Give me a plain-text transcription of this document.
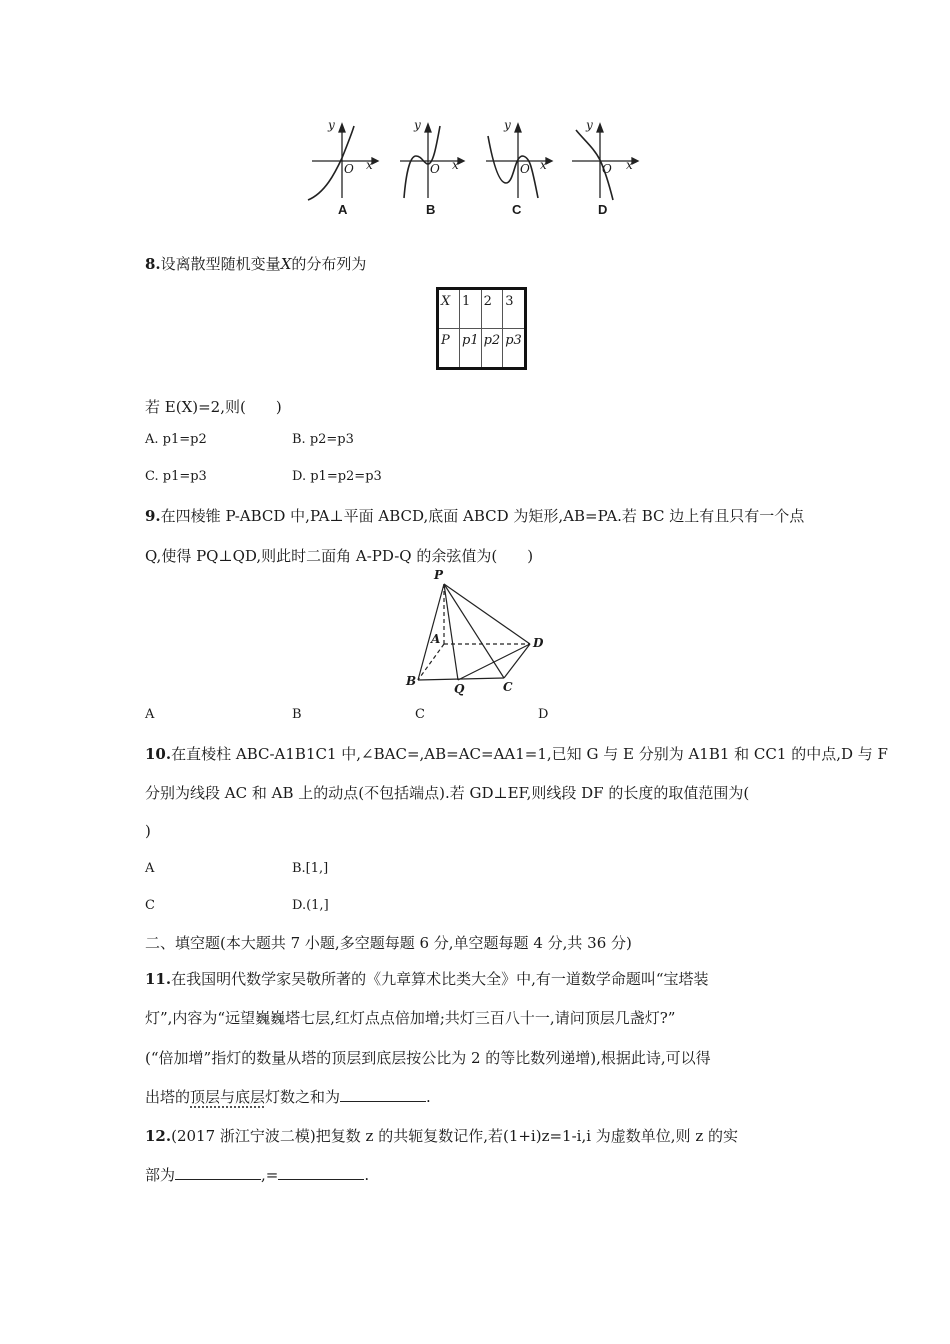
y
x
O
y
x
O
y
x
O
y
x
O
A	B	C	D
8.设离散型随机变量X的分布列为
X	1	2	3
P	p1	p2	p3
若 E(X)=2,则(　　)
A. p1=p2	B. p2=p3
C. p1=p3	D. p1=p2=p3
9.在四棱锥 P-ABCD 中,PA⊥平面 ABCD,底面 ABCD 为矩形,AB=PA.若 BC 边上有且只有一个点
Q,使得 PQ⊥QD,则此时二面角 A-PD-Q 的余弦值为(　　)
P
A
B
Q	C
D
A	B	C	D
10.在直棱柱 ABC-A1B1C1 中,∠BAC=,AB=AC=AA1=1,已知 G 与 E 分别为 A1B1 和 CC1 的中点,D 与 F
分别为线段 AC 和 AB 上的动点(不包括端点).若 GD⊥EF,则线段 DF 的长度的取值范围为(
)
A	B.[1,]
C	D.(1,]
二、填空题(本大题共 7 小题,多空题每题 6 分,单空题每题 4 分,共 36 分)
11.在我国明代数学家吴敬所著的《九章算术比类大全》中,有一道数学命题叫“宝塔装
灯”,内容为“远望巍巍塔七层,红灯点点倍加增;共灯三百八十一,请问顶层几盏灯?”
(“倍加增”指灯的数量从塔的顶层到底层按公比为 2 的等比数列递增),根据此诗,可以得
出塔的顶层与底层灯数之和为	.
12.(2017 浙江宁波二模)把复数 z 的共轭复数记作,若(1+i)z=1-i,i 为虚数单位,则 z 的实
部为	,=	.
